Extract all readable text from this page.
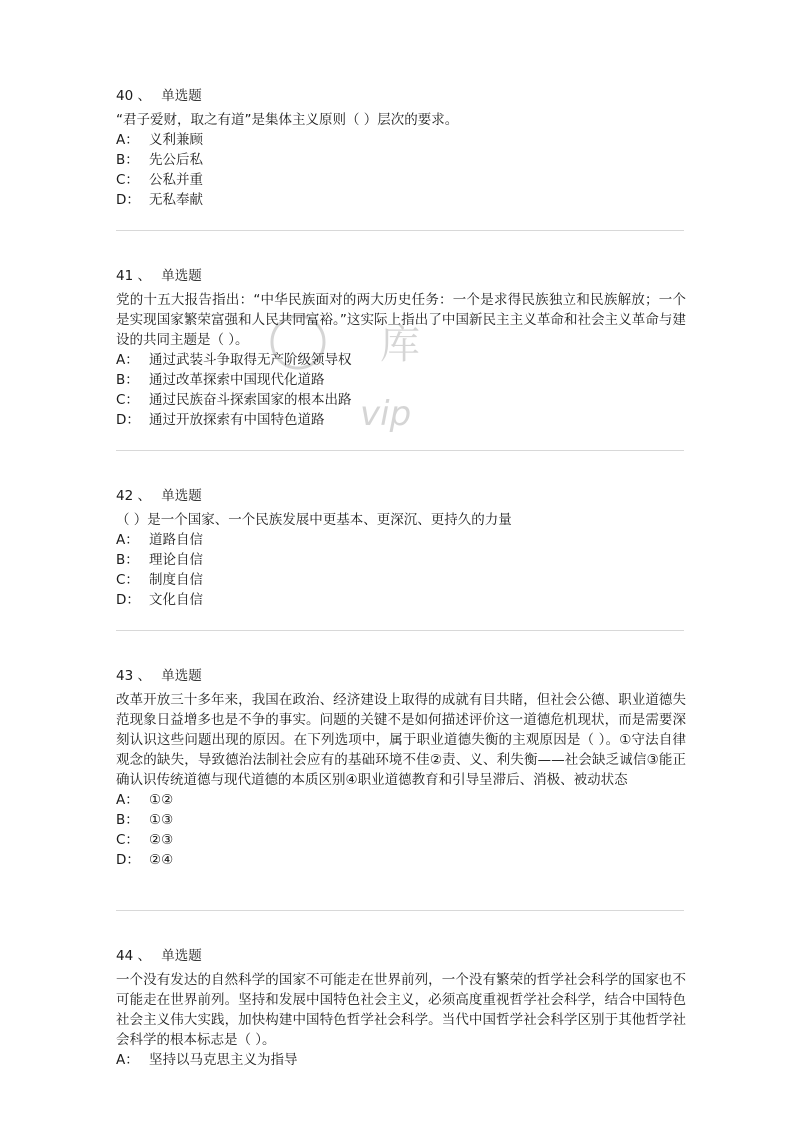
40 、 单选题
“君子爱财，取之有道”是集体主义原则（ ）层次的要求。
A： 义利兼顾
B： 先公后私
C： 公私并重
D： 无私奉献
41 、 单选题
党的十五大报告指出：“中华民族面对的两大历史任务：一个是求得民族独立和民族解放；一个是实现国家繁荣富强和人民共同富裕。”这实际上指出了中国新民主主义革命和社会主义革命与建设的共同主题是（ ）。
A： 通过武装斗争取得无产阶级领导权
B： 通过改革探索中国现代化道路
C： 通过民族奋斗探索国家的根本出路
D： 通过开放探索有中国特色道路
42 、 单选题
（ ）是一个国家、一个民族发展中更基本、更深沉、更持久的力量
A： 道路自信
B： 理论自信
C： 制度自信
D： 文化自信
43 、 单选题
改革开放三十多年来，我国在政治、经济建设上取得的成就有目共睹，但社会公德、职业道德失范现象日益增多也是不争的事实。问题的关键不是如何描述评价这一道德危机现状，而是需要深刻认识这些问题出现的原因。在下列选项中，属于职业道德失衡的主观原因是（ ）。①守法自律观念的缺失，导致德治法制社会应有的基础环境不佳②责、义、利失衡——社会缺乏诚信③能正确认识传统道德与现代道德的本质区别④职业道德教育和引导呈滞后、消极、被动状态
A： ①②
B： ①③
C： ②③
D： ②④
44 、 单选题
一个没有发达的自然科学的国家不可能走在世界前列，一个没有繁荣的哲学社会科学的国家也不可能走在世界前列。坚持和发展中国特色社会主义，必须高度重视哲学社会科学，结合中国特色社会主义伟大实践，加快构建中国特色哲学社会科学。当代中国哲学社会科学区别于其他哲学社会科学的根本标志是（ ）。
A： 坚持以马克思主义为指导
库
vip
